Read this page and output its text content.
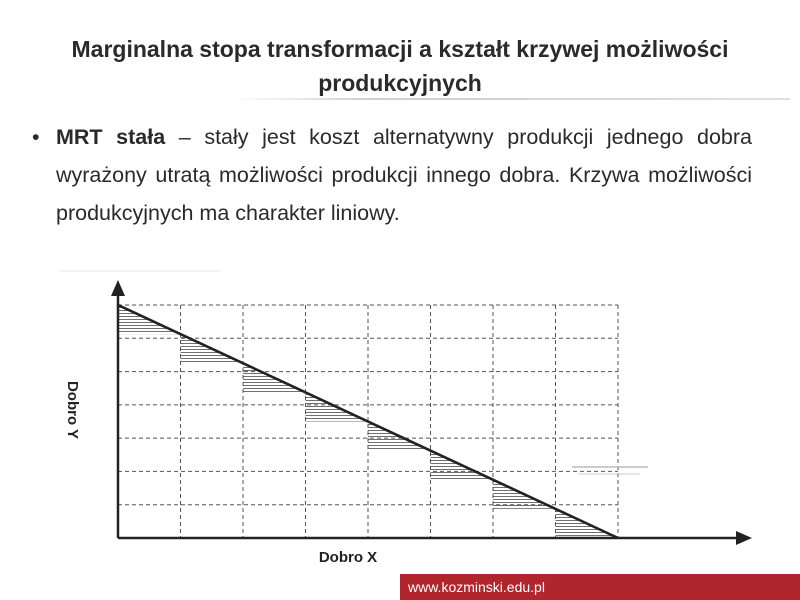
Marginalna stopa transformacji a kształt krzywej możliwości produkcyjnych
• MRT stała – stały jest koszt alternatywny produkcji jednego dobra wyrażony utratą możliwości produkcji innego dobra. Krzywa możliwości produkcyjnych ma charakter liniowy.
Dobro Y
Dobro X
www.kozminski.edu.pl
